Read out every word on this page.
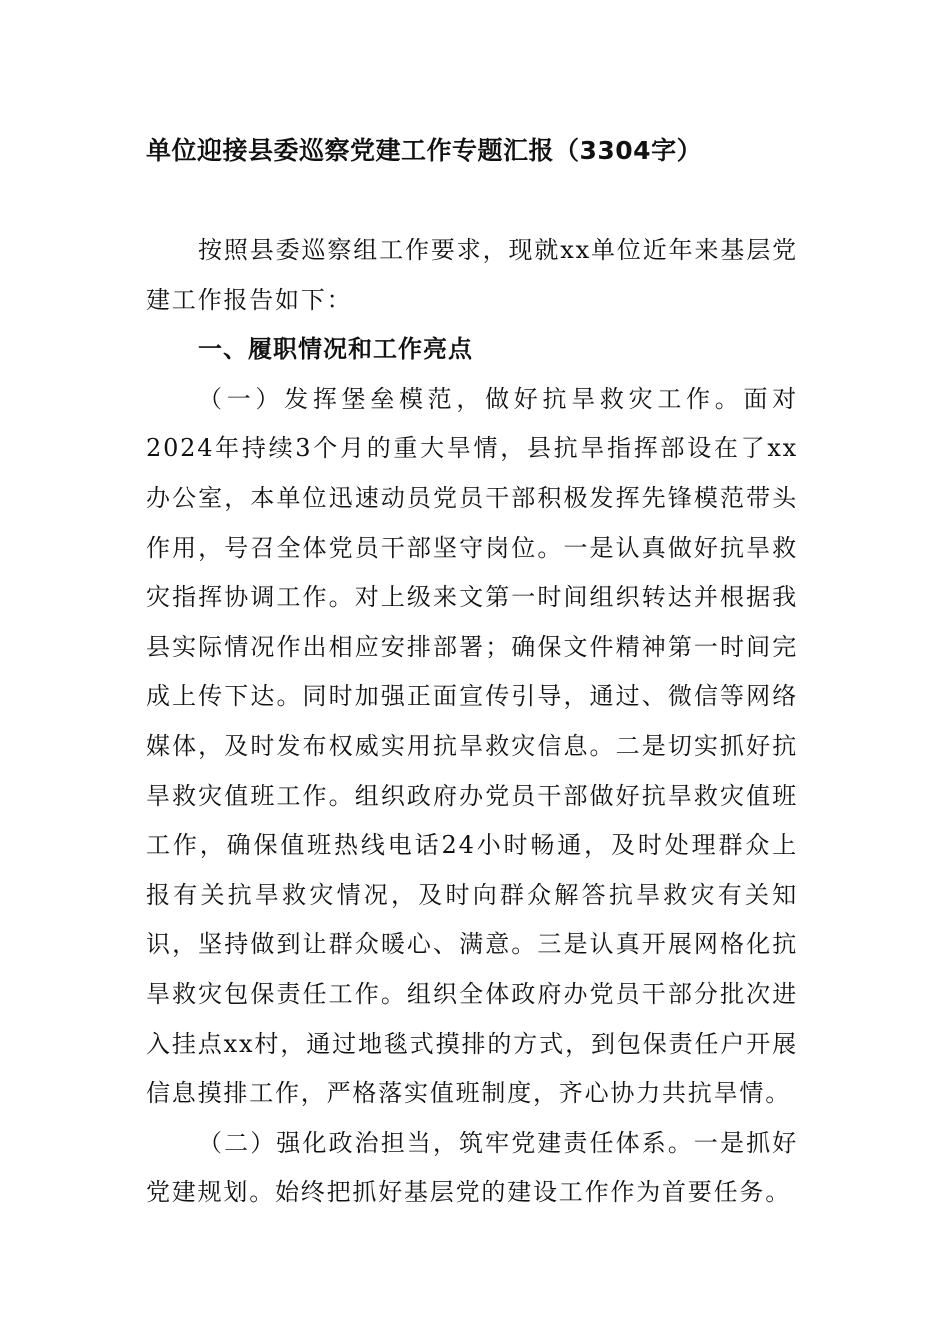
单位迎接县委巡察党建工作专题汇报（3304字）

按照县委巡察组工作要求，现就xx单位近年来基层党建工作报告如下：

一、履职情况和工作亮点

（一）发挥堡垒模范，做好抗旱救灾工作。面对2024年持续3个月的重大旱情，县抗旱指挥部设在了xx办公室，本单位迅速动员党员干部积极发挥先锋模范带头作用，号召全体党员干部坚守岗位。一是认真做好抗旱救灾指挥协调工作。对上级来文第一时间组织转达并根据我县实际情况作出相应安排部署；确保文件精神第一时间完成上传下达。同时加强正面宣传引导，通过、微信等网络媒体，及时发布权威实用抗旱救灾信息。二是切实抓好抗旱救灾值班工作。组织政府办党员干部做好抗旱救灾值班工作，确保值班热线电话24小时畅通，及时处理群众上报有关抗旱救灾情况，及时向群众解答抗旱救灾有关知识，坚持做到让群众暖心、满意。三是认真开展网格化抗旱救灾包保责任工作。组织全体政府办党员干部分批次进入挂点xx村，通过地毯式摸排的方式，到包保责任户开展信息摸排工作，严格落实值班制度，齐心协力共抗旱情。

（二）强化政治担当，筑牢党建责任体系。一是抓好党建规划。始终把抓好基层党的建设工作作为首要任务。
